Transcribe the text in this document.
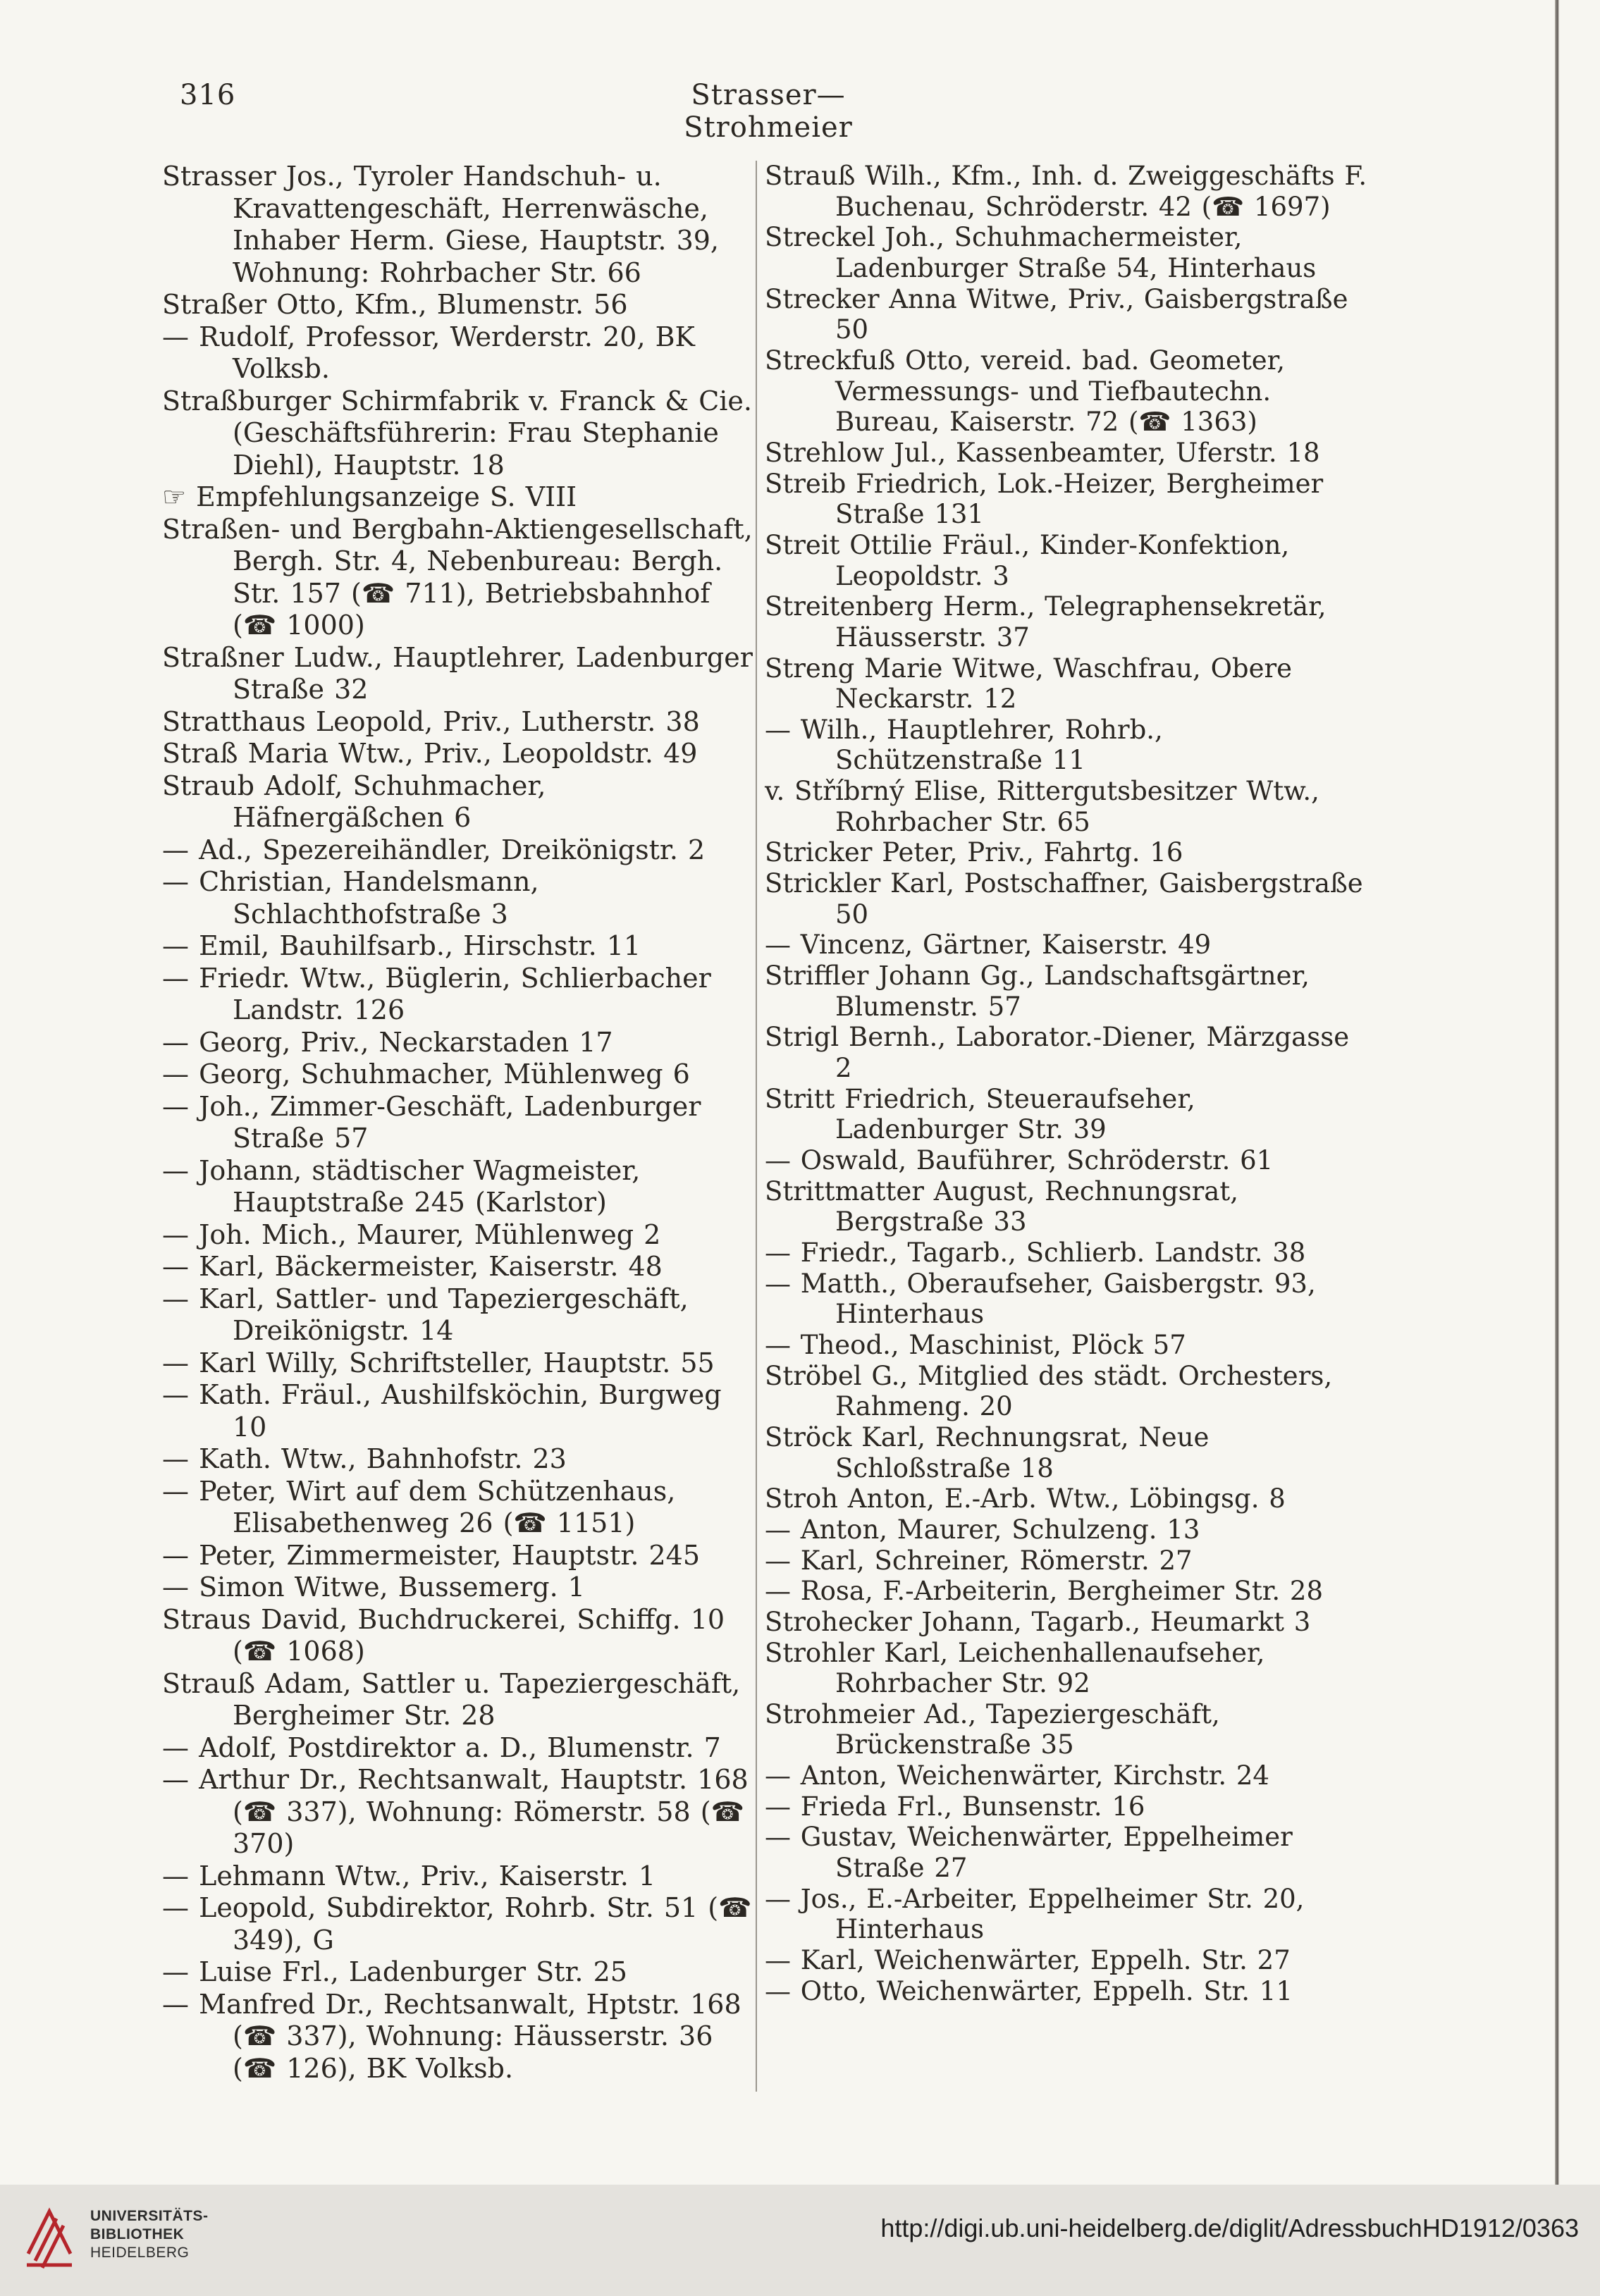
316	Strasser—Strohmeier
Strasser Jos., Tyroler Handschuh- u. Kravattengeschäft, Herrenwäsche, Inhaber Herm. Giese, Hauptstr. 39, Wohnung: Rohrbacher Str. 66
Straßer Otto, Kfm., Blumenstr. 56
— Rudolf, Professor, Werderstr. 20, BK Volksb.
Straßburger Schirmfabrik v. Franck & Cie. (Geschäftsführerin: Frau Stephanie Diehl), Hauptstr. 18
☞ Empfehlungsanzeige S. VIII
Straßen- und Bergbahn-Aktiengesellschaft, Bergh. Str. 4, Nebenbureau: Bergh. Str. 157 (☎ 711), Betriebsbahnhof (☎ 1000)
Straßner Ludw., Hauptlehrer, Ladenburger Straße 32
Stratthaus Leopold, Priv., Lutherstr. 38
Straß Maria Wtw., Priv., Leopoldstr. 49
Straub Adolf, Schuhmacher, Häfnergäßchen 6
— Ad., Spezereihändler, Dreikönigstr. 2
— Christian, Handelsmann, Schlachthofstraße 3
— Emil, Bauhilfsarb., Hirschstr. 11
— Friedr. Wtw., Büglerin, Schlierbacher Landstr. 126
— Georg, Priv., Neckarstaden 17
— Georg, Schuhmacher, Mühlenweg 6
— Joh., Zimmer-Geschäft, Ladenburger Straße 57
— Johann, städtischer Wagmeister, Hauptstraße 245 (Karlstor)
— Joh. Mich., Maurer, Mühlenweg 2
— Karl, Bäckermeister, Kaiserstr. 48
— Karl, Sattler- und Tapeziergeschäft, Dreikönigstr. 14
— Karl Willy, Schriftsteller, Hauptstr. 55
— Kath. Fräul., Aushilfsköchin, Burgweg 10
— Kath. Wtw., Bahnhofstr. 23
— Peter, Wirt auf dem Schützenhaus, Elisabethenweg 26 (☎ 1151)
— Peter, Zimmermeister, Hauptstr. 245
— Simon Witwe, Bussemerg. 1
Straus David, Buchdruckerei, Schiffg. 10 (☎ 1068)
Strauß Adam, Sattler u. Tapeziergeschäft, Bergheimer Str. 28
— Adolf, Postdirektor a. D., Blumenstr. 7
— Arthur Dr., Rechtsanwalt, Hauptstr. 168 (☎ 337), Wohnung: Römerstr. 58 (☎ 370)
— Lehmann Wtw., Priv., Kaiserstr. 1
— Leopold, Subdirektor, Rohrb. Str. 51 (☎ 349), G
— Luise Frl., Ladenburger Str. 25
— Manfred Dr., Rechtsanwalt, Hptstr. 168 (☎ 337), Wohnung: Häusserstr. 36 (☎ 126), BK Volksb.
Strauß Wilh., Kfm., Inh. d. Zweiggeschäfts F. Buchenau, Schröderstr. 42 (☎ 1697)
Streckel Joh., Schuhmachermeister, Ladenburger Straße 54, Hinterhaus
Strecker Anna Witwe, Priv., Gaisbergstraße 50
Streckfuß Otto, vereid. bad. Geometer, Vermessungs- und Tiefbautechn. Bureau, Kaiserstr. 72 (☎ 1363)
Strehlow Jul., Kassenbeamter, Uferstr. 18
Streib Friedrich, Lok.-Heizer, Bergheimer Straße 131
Streit Ottilie Fräul., Kinder-Konfektion, Leopoldstr. 3
Streitenberg Herm., Telegraphensekretär, Häusserstr. 37
Streng Marie Witwe, Waschfrau, Obere Neckarstr. 12
— Wilh., Hauptlehrer, Rohrb., Schützenstraße 11
v. Stříbrný Elise, Rittergutsbesitzer Wtw., Rohrbacher Str. 65
Stricker Peter, Priv., Fahrtg. 16
Strickler Karl, Postschaffner, Gaisbergstraße 50
— Vincenz, Gärtner, Kaiserstr. 49
Striffler Johann Gg., Landschaftsgärtner, Blumenstr. 57
Strigl Bernh., Laborator.-Diener, Märzgasse 2
Stritt Friedrich, Steueraufseher, Ladenburger Str. 39
— Oswald, Bauführer, Schröderstr. 61
Strittmatter August, Rechnungsrat, Bergstraße 33
— Friedr., Tagarb., Schlierb. Landstr. 38
— Matth., Oberaufseher, Gaisbergstr. 93, Hinterhaus
— Theod., Maschinist, Plöck 57
Ströbel G., Mitglied des städt. Orchesters, Rahmeng. 20
Ströck Karl, Rechnungsrat, Neue Schloßstraße 18
Stroh Anton, E.-Arb. Wtw., Löbingsg. 8
— Anton, Maurer, Schulzeng. 13
— Karl, Schreiner, Römerstr. 27
— Rosa, F.-Arbeiterin, Bergheimer Str. 28
Strohecker Johann, Tagarb., Heumarkt 3
Strohler Karl, Leichenhallenaufseher, Rohrbacher Str. 92
Strohmeier Ad., Tapeziergeschäft, Brückenstraße 35
— Anton, Weichenwärter, Kirchstr. 24
— Frieda Frl., Bunsenstr. 16
— Gustav, Weichenwärter, Eppelheimer Straße 27
— Jos., E.-Arbeiter, Eppelheimer Str. 20, Hinterhaus
— Karl, Weichenwärter, Eppelh. Str. 27
— Otto, Weichenwärter, Eppelh. Str. 11
UNIVERSITÄTS-
BIBLIOTHEK
HEIDELBERG
http://digi.ub.uni-heidelberg.de/diglit/AdressbuchHD1912/0363
